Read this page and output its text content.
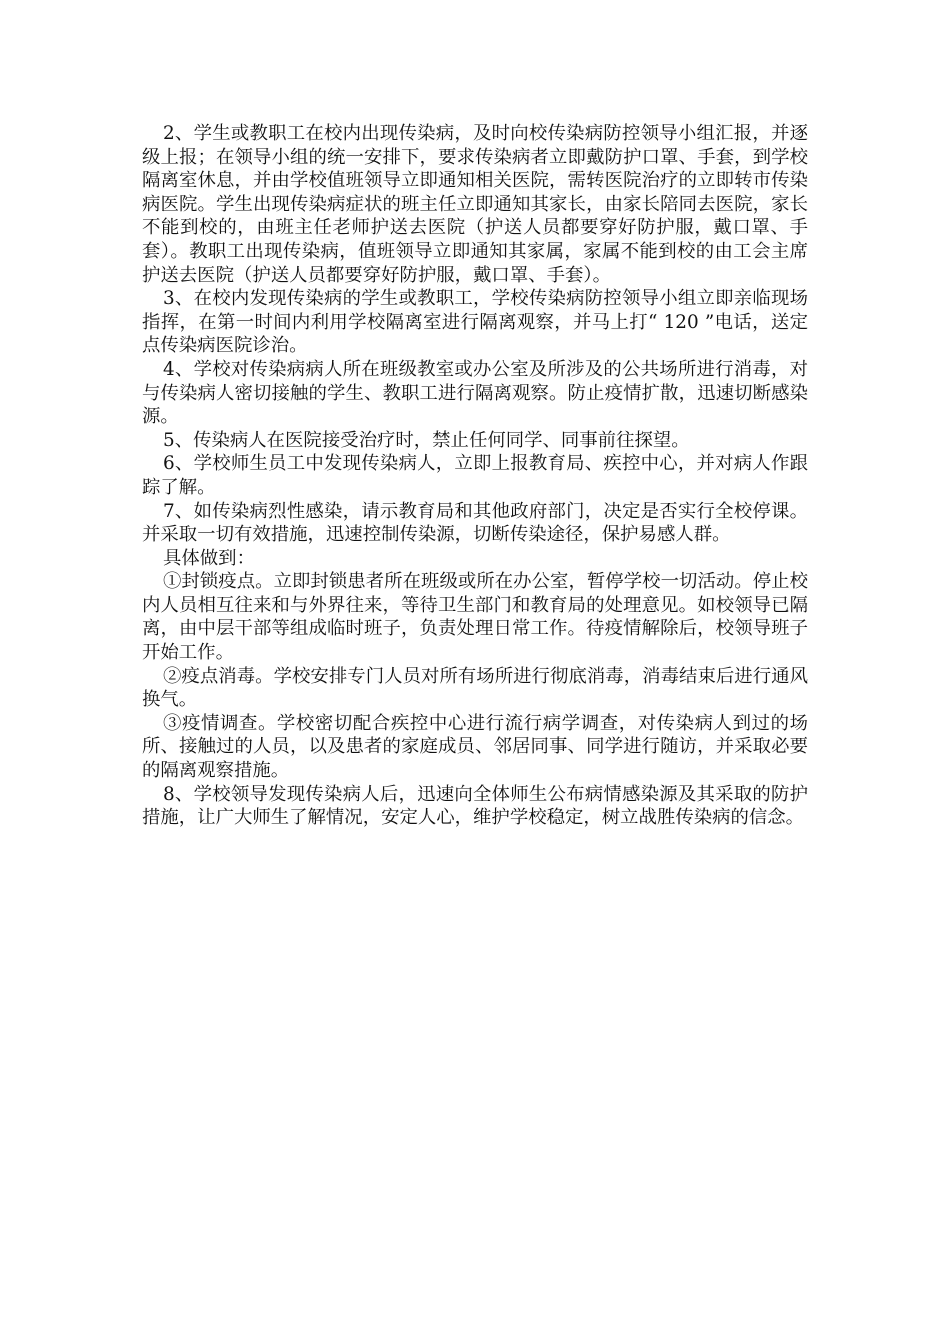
2、学生或教职工在校内出现传染病，及时向校传染病防控领导小组汇报，并逐级上报；在领导小组的统一安排下，要求传染病者立即戴防护口罩、手套，到学校隔离室休息，并由学校值班领导立即通知相关医院，需转医院治疗的立即转市传染病医院。学生出现传染病症状的班主任立即通知其家长，由家长陪同去医院，家长不能到校的，由班主任老师护送去医院（护送人员都要穿好防护服，戴口罩、手套）。教职工出现传染病，值班领导立即通知其家属，家属不能到校的由工会主席护送去医院（护送人员都要穿好防护服，戴口罩、手套）。

3、在校内发现传染病的学生或教职工，学校传染病防控领导小组立即亲临现场指挥，在第一时间内利用学校隔离室进行隔离观察，并马上打“ 120 ”电话，送定点传染病医院诊治。

4、学校对传染病病人所在班级教室或办公室及所涉及的公共场所进行消毒，对与传染病人密切接触的学生、教职工进行隔离观察。防止疫情扩散，迅速切断感染源。

5、传染病人在医院接受治疗时，禁止任何同学、同事前往探望。

6、学校师生员工中发现传染病人，立即上报教育局、疾控中心，并对病人作跟踪了解。

7、如传染病烈性感染，请示教育局和其他政府部门，决定是否实行全校停课。并采取一切有效措施，迅速控制传染源，切断传染途径，保护易感人群。

具体做到：

①封锁疫点。立即封锁患者所在班级或所在办公室，暂停学校一切活动。停止校内人员相互往来和与外界往来，等待卫生部门和教育局的处理意见。如校领导已隔离，由中层干部等组成临时班子，负责处理日常工作。待疫情解除后，校领导班子开始工作。

②疫点消毒。学校安排专门人员对所有场所进行彻底消毒，消毒结束后进行通风换气。

③疫情调查。学校密切配合疾控中心进行流行病学调查，对传染病人到过的场所、接触过的人员，以及患者的家庭成员、邻居同事、同学进行随访，并采取必要的隔离观察措施。

8、学校领导发现传染病人后，迅速向全体师生公布病情感染源及其采取的防护措施，让广大师生了解情况，安定人心，维护学校稳定，树立战胜传染病的信念。
